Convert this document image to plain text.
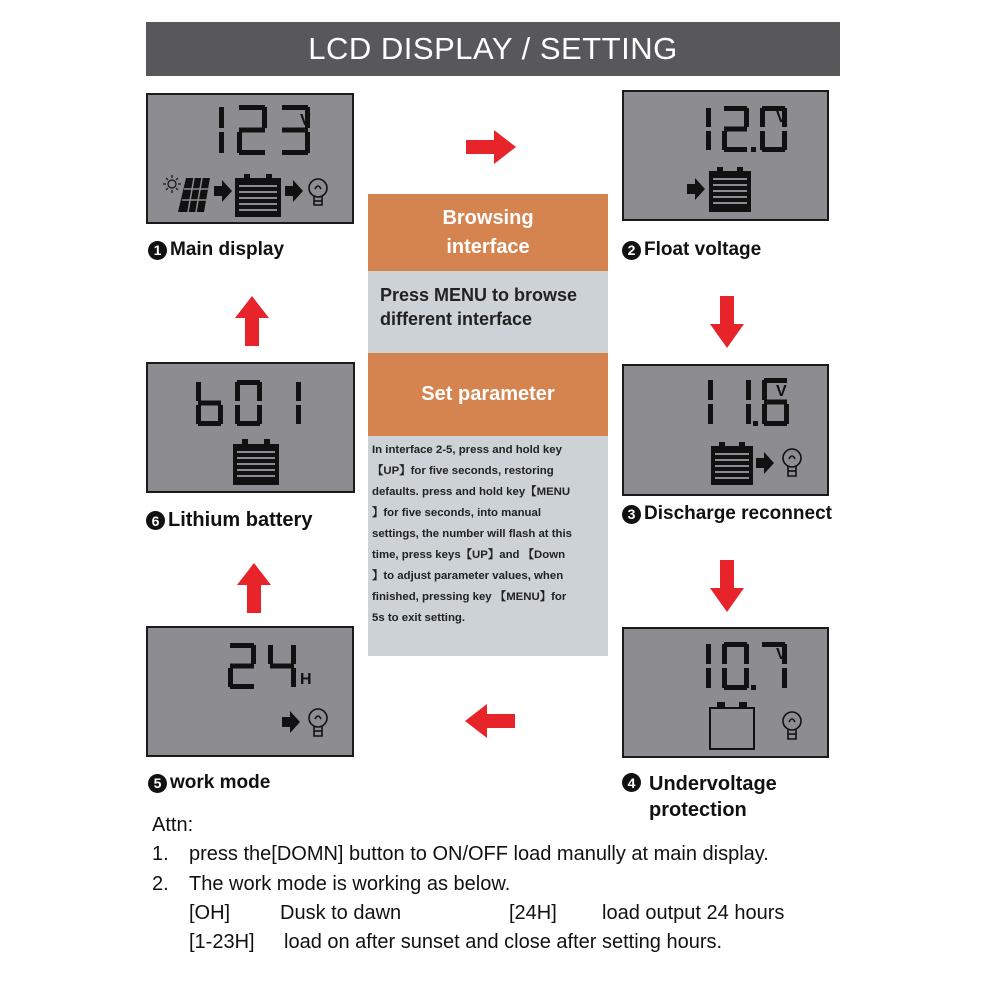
LCD DISPLAY / SETTING
V
1 Main display
V
2 Float voltage
V
3 Discharge reconnect
V
4 Undervoltage
protection
H
5 work mode
6 Lithium battery
Browsing
interface
Press MENU to browse
different interface
Set parameter
In interface 2-5, press and hold key
【UP】for five seconds, restoring
defaults. press and hold key【MENU
】for five seconds, into manual
settings, the number will flash at this
time, press keys【UP】and 【Down
】to adjust parameter values, when
finished, pressing key 【MENU】for
5s to exit setting.
Attn:
1. press the[DOMN] button to ON/OFF load manully at main display.
2. The work mode is working as below.
[OH] Dusk to dawn	[24H] load output 24 hours
[1-23H] load on after sunset and close after setting hours.
